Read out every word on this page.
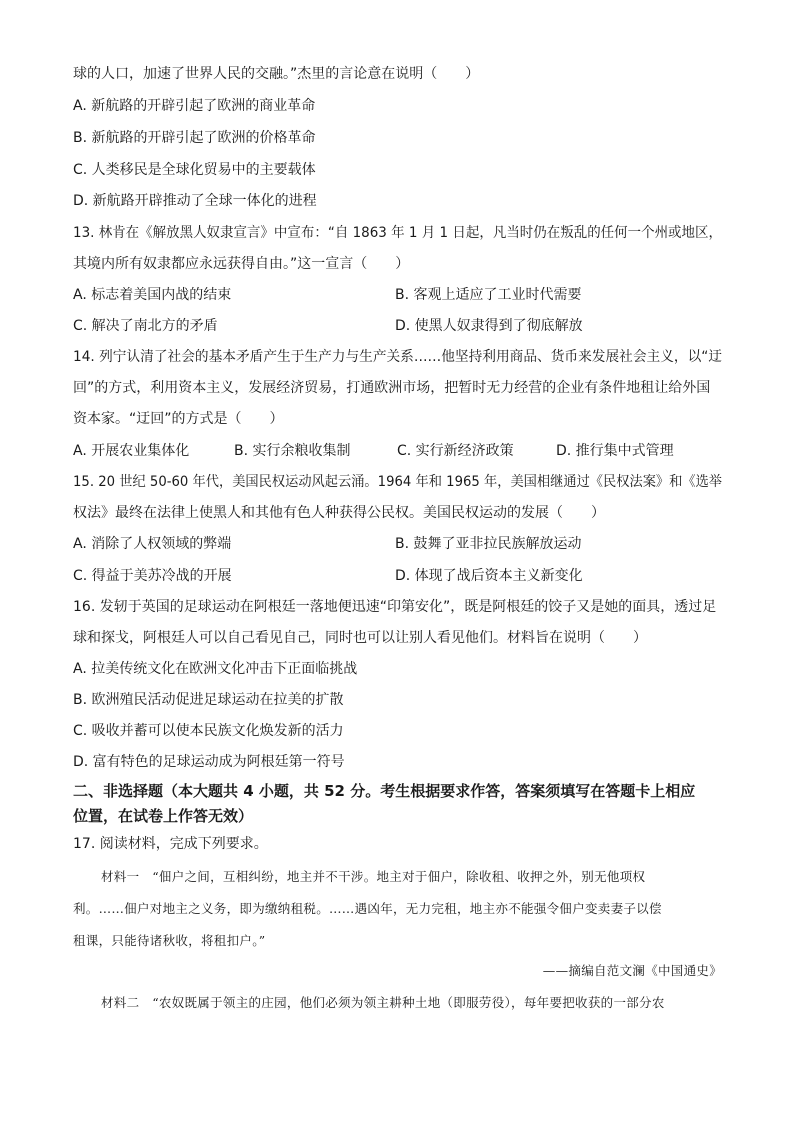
球的人口，加速了世界人民的交融。”杰里的言论意在说明（　　）
A. 新航路的开辟引起了欧洲的商业革命
B. 新航路的开辟引起了欧洲的价格革命
C. 人类移民是全球化贸易中的主要载体
D. 新航路开辟推动了全球一体化的进程
13. 林肯在《解放黑人奴隶宣言》中宣布：“自 1863 年 1 月 1 日起，凡当时仍在叛乱的任何一个州或地区，
其境内所有奴隶都应永远获得自由。”这一宣言（　　）
A. 标志着美国内战的结束	B. 客观上适应了工业时代需要
C. 解决了南北方的矛盾	D. 使黑人奴隶得到了彻底解放
14. 列宁认清了社会的基本矛盾产生于生产力与生产关系……他坚持利用商品、货币来发展社会主义，以“迂
回”的方式，利用资本主义，发展经济贸易，打通欧洲市场，把暂时无力经营的企业有条件地租让给外国
资本家。“迂回”的方式是（　　）
A. 开展农业集体化	B. 实行余粮收集制	C. 实行新经济政策	D. 推行集中式管理
15. 20 世纪 50-60 年代，美国民权运动风起云涌。1964 年和 1965 年，美国相继通过《民权法案》和《选举
权法》最终在法律上使黑人和其他有色人种获得公民权。美国民权运动的发展（　　）
A. 消除了人权领域的弊端	B. 鼓舞了亚非拉民族解放运动
C. 得益于美苏冷战的开展	D. 体现了战后资本主义新变化
16. 发轫于英国的足球运动在阿根廷一落地便迅速“印第安化”，既是阿根廷的饺子又是她的面具，透过足
球和探戈，阿根廷人可以自己看见自己，同时也可以让别人看见他们。材料旨在说明（　　）
A. 拉美传统文化在欧洲文化冲击下正面临挑战
B. 欧洲殖民活动促进足球运动在拉美的扩散
C. 吸收并蓄可以使本民族文化焕发新的活力
D. 富有特色的足球运动成为阿根廷第一符号
二、非选择题（本大题共 4 小题，共 52 分。考生根据要求作答，答案须填写在答题卡上相应
位置，在试卷上作答无效）
17. 阅读材料，完成下列要求。
材料一　“佃户之间，互相纠纷，地主并不干涉。地主对于佃户，除收租、收押之外，别无他项权
利。……佃户对地主之义务，即为缴纳租税。……遇凶年，无力完租，地主亦不能强令佃户变卖妻子以偿
租课，只能待诸秋收，将租扣户。”
——摘编自范文澜《中国通史》
材料二　“农奴既属于领主的庄园，他们必须为领主耕种土地（即服劳役），每年要把收获的一部分农
